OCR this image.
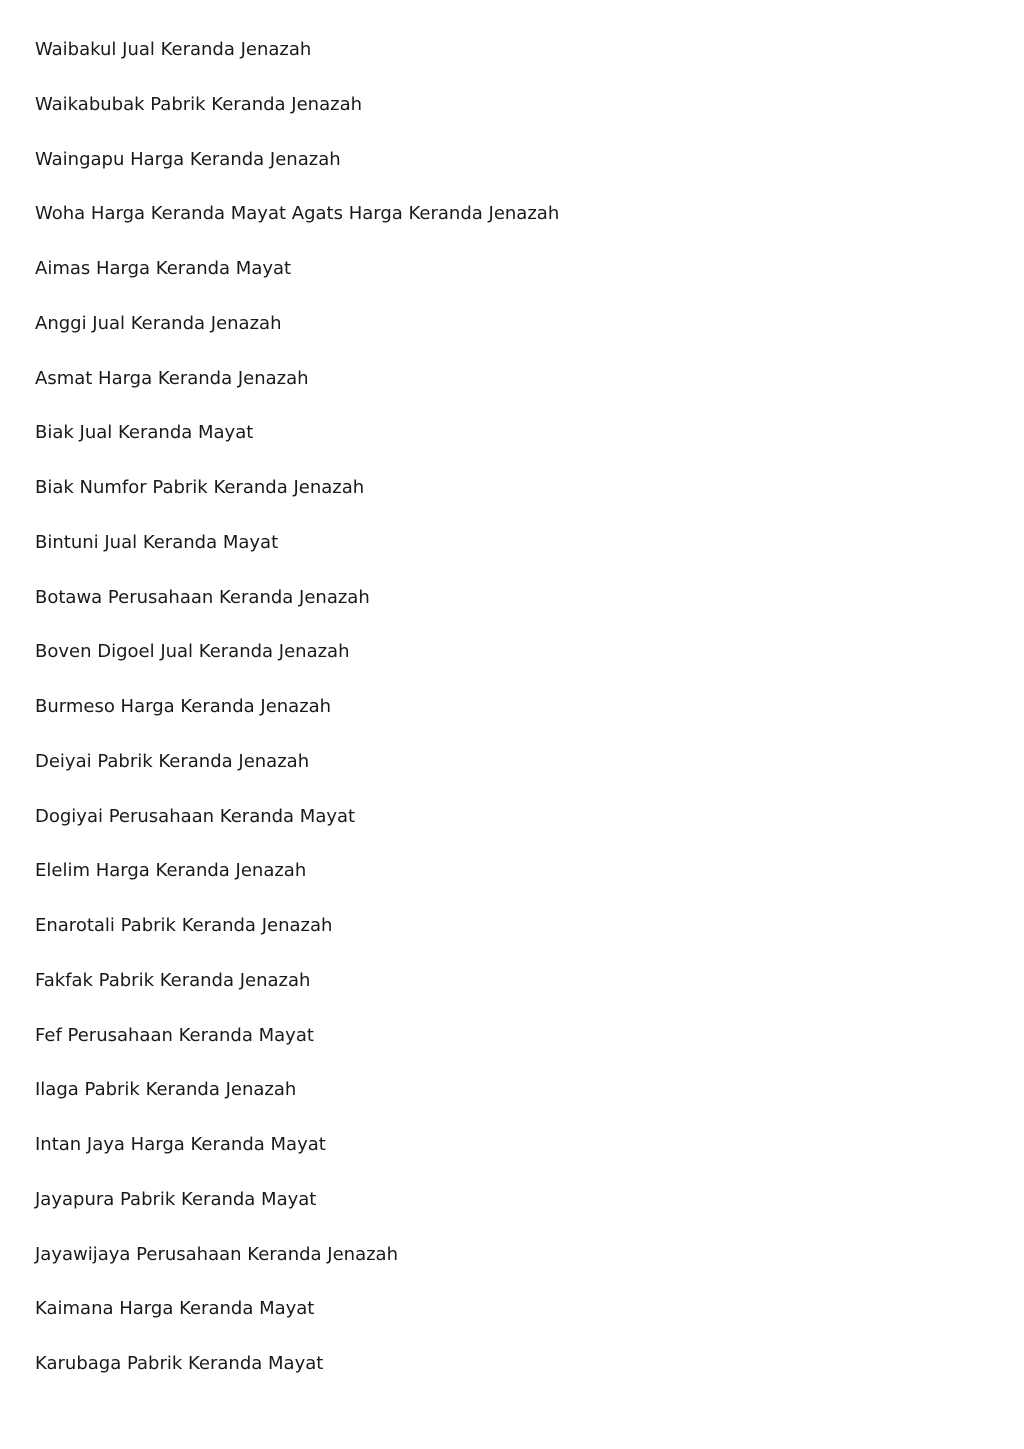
Waibakul Jual Keranda Jenazah
Waikabubak Pabrik Keranda Jenazah
Waingapu Harga Keranda Jenazah
Woha Harga Keranda Mayat Agats Harga Keranda Jenazah
Aimas Harga Keranda Mayat
Anggi Jual Keranda Jenazah
Asmat Harga Keranda Jenazah
Biak Jual Keranda Mayat
Biak Numfor Pabrik Keranda Jenazah
Bintuni Jual Keranda Mayat
Botawa Perusahaan Keranda Jenazah
Boven Digoel Jual Keranda Jenazah
Burmeso Harga Keranda Jenazah
Deiyai Pabrik Keranda Jenazah
Dogiyai Perusahaan Keranda Mayat
Elelim Harga Keranda Jenazah
Enarotali Pabrik Keranda Jenazah
Fakfak Pabrik Keranda Jenazah
Fef Perusahaan Keranda Mayat
Ilaga Pabrik Keranda Jenazah
Intan Jaya Harga Keranda Mayat
Jayapura Pabrik Keranda Mayat
Jayawijaya Perusahaan Keranda Jenazah
Kaimana Harga Keranda Mayat
Karubaga Pabrik Keranda Mayat
